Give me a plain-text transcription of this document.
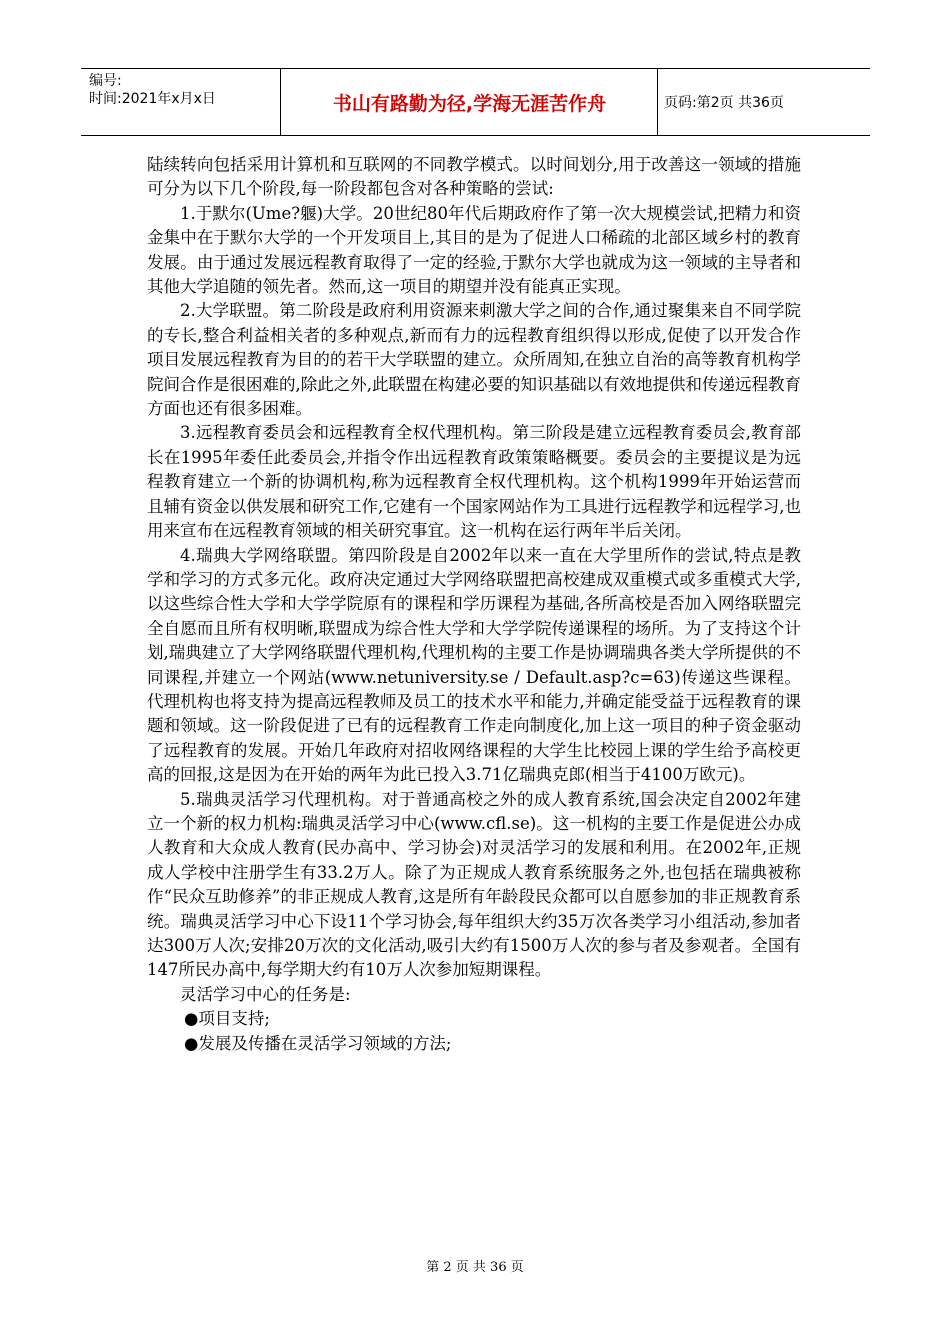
编号:
时间:2021年x月x日	书山有路勤为径,学海无涯苦作舟	页码:第2页 共36页

陆续转向包括采用计算机和互联网的不同教学模式。以时间划分,用于改善这一领域的措施可分为以下几个阶段,每一阶段都包含对各种策略的尝试:

1.于默尔(Ume?躽)大学。20世纪80年代后期政府作了第一次大规模尝试,把精力和资金集中在于默尔大学的一个开发项目上,其目的是为了促进人口稀疏的北部区域乡村的教育发展。由于通过发展远程教育取得了一定的经验,于默尔大学也就成为这一领域的主导者和其他大学追随的领先者。然而,这一项目的期望并没有能真正实现。

2.大学联盟。第二阶段是政府利用资源来刺激大学之间的合作,通过聚集来自不同学院的专长,整合利益相关者的多种观点,新而有力的远程教育组织得以形成,促使了以开发合作项目发展远程教育为目的的若干大学联盟的建立。众所周知,在独立自治的高等教育机构学院间合作是很困难的,除此之外,此联盟在构建必要的知识基础以有效地提供和传递远程教育方面也还有很多困难。

3.远程教育委员会和远程教育全权代理机构。第三阶段是建立远程教育委员会,教育部长在1995年委任此委员会,并指令作出远程教育政策策略概要。委员会的主要提议是为远程教育建立一个新的协调机构,称为远程教育全权代理机构。这个机构1999年开始运营而且辅有资金以供发展和研究工作,它建有一个国家网站作为工具进行远程教学和远程学习,也用来宣布在远程教育领域的相关研究事宜。这一机构在运行两年半后关闭。

4.瑞典大学网络联盟。第四阶段是自2002年以来一直在大学里所作的尝试,特点是教学和学习的方式多元化。政府决定通过大学网络联盟把高校建成双重模式或多重模式大学,以这些综合性大学和大学学院原有的课程和学历课程为基础,各所高校是否加入网络联盟完全自愿而且所有权明晰,联盟成为综合性大学和大学学院传递课程的场所。为了支持这个计划,瑞典建立了大学网络联盟代理机构,代理机构的主要工作是协调瑞典各类大学所提供的不同课程,并建立一个网站(www.netuniversity.se / Default.asp?c=63)传递这些课程。代理机构也将支持为提高远程教师及员工的技术水平和能力,并确定能受益于远程教育的课题和领域。这一阶段促进了已有的远程教育工作走向制度化,加上这一项目的种子资金驱动了远程教育的发展。开始几年政府对招收网络课程的大学生比校园上课的学生给予高校更高的回报,这是因为在开始的两年为此已投入3.71亿瑞典克郎(相当于4100万欧元)。

5.瑞典灵活学习代理机构。对于普通高校之外的成人教育系统,国会决定自2002年建立一个新的权力机构:瑞典灵活学习中心(www.cfl.se)。这一机构的主要工作是促进公办成人教育和大众成人教育(民办高中、学习协会)对灵活学习的发展和利用。在2002年,正规成人学校中注册学生有33.2万人。除了为正规成人教育系统服务之外,也包括在瑞典被称作“民众互助修养”的非正规成人教育,这是所有年龄段民众都可以自愿参加的非正规教育系统。瑞典灵活学习中心下设11个学习协会,每年组织大约35万次各类学习小组活动,参加者达300万人次;安排20万次的文化活动,吸引大约有1500万人次的参与者及参观者。全国有147所民办高中,每学期大约有10万人次参加短期课程。

灵活学习中心的任务是:

●项目支持;

●发展及传播在灵活学习领域的方法;

第 2 页 共 36 页
